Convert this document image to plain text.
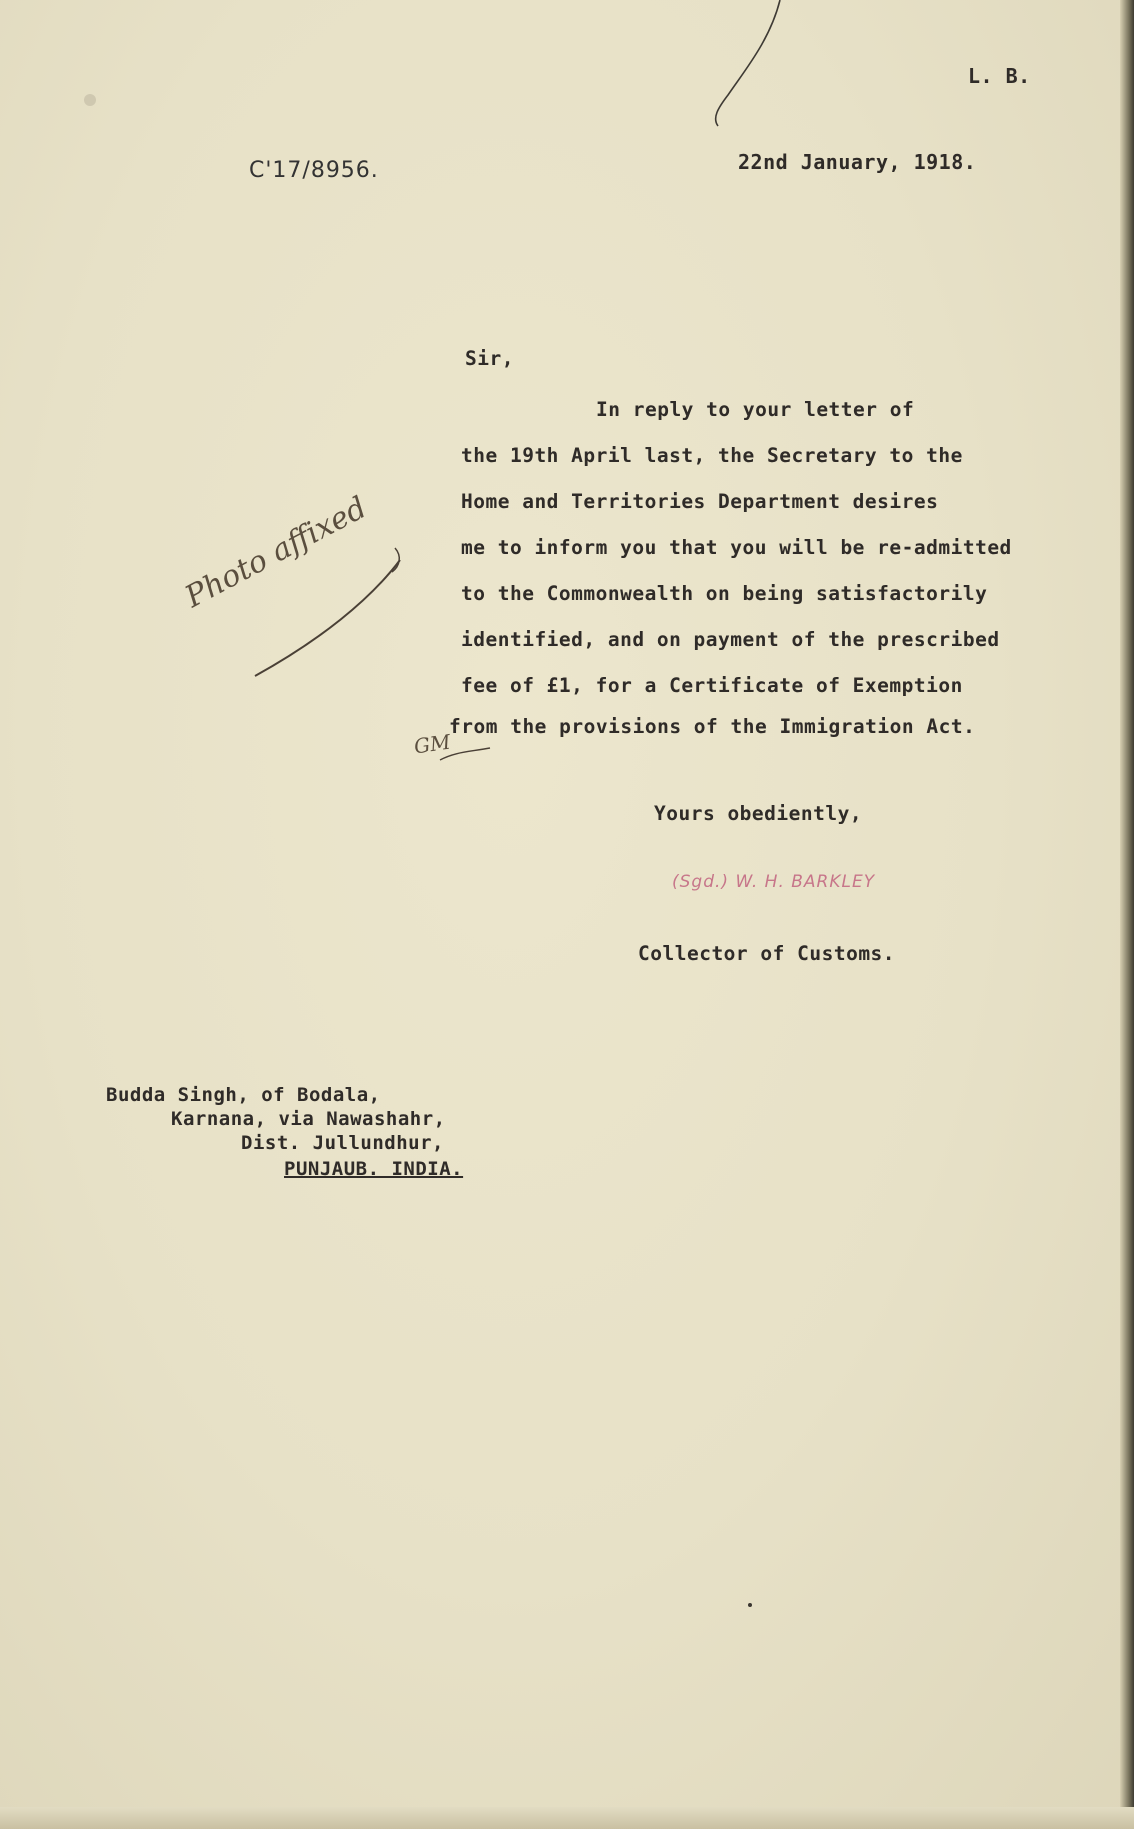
C'17/8956.
L. B.
22nd January, 1918.
Sir,
In reply to your letter of
the 19th April last, the Secretary to the
Home and Territories Department desires
me to inform you that you will be re-admitted
to the Commonwealth on being satisfactorily
identified, and on payment of the prescribed
fee of £1, for a Certificate of Exemption
from the provisions of the Immigration Act.
Yours obediently,
(Sgd.) W. H. BARKLEY
Collector of Customs.
Budda Singh, of Bodala,
Karnana, via Nawashahr,
Dist. Jullundhur,
PUNJAUB. INDIA.
Photo affixed
GM
